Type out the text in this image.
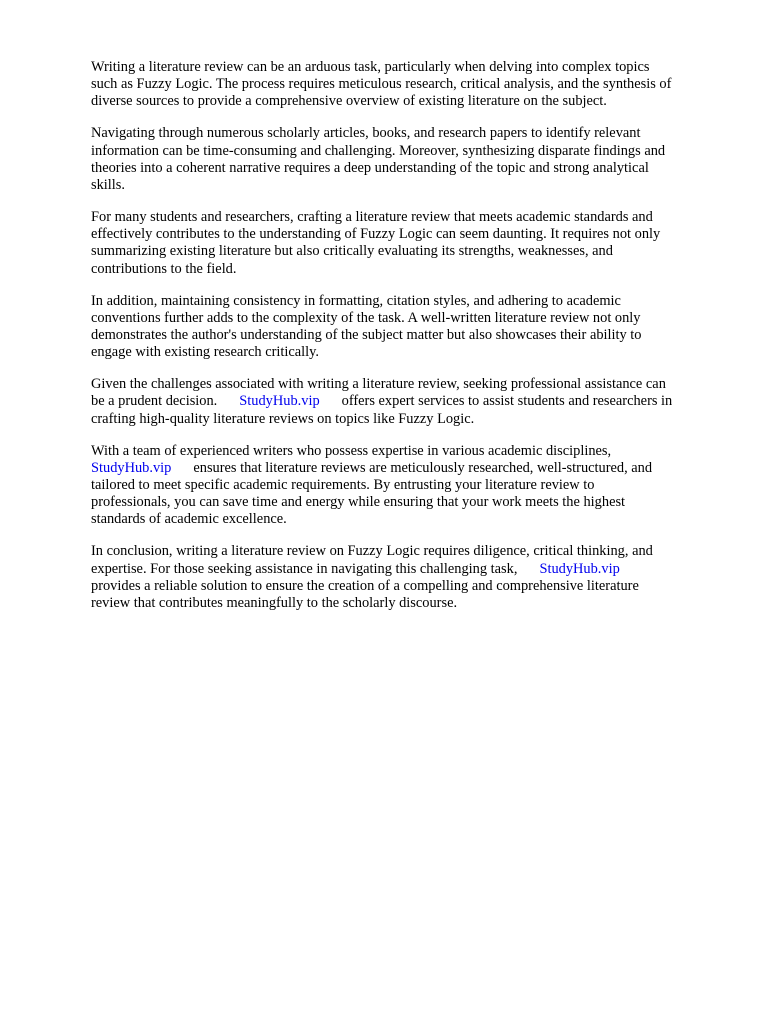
Writing a literature review can be an arduous task, particularly when delving into complex topics
such as Fuzzy Logic. The process requires meticulous research, critical analysis, and the synthesis of
diverse sources to provide a comprehensive overview of existing literature on the subject.

Navigating through numerous scholarly articles, books, and research papers to identify relevant
information can be time-consuming and challenging. Moreover, synthesizing disparate findings and
theories into a coherent narrative requires a deep understanding of the topic and strong analytical
skills.

For many students and researchers, crafting a literature review that meets academic standards and
effectively contributes to the understanding of Fuzzy Logic can seem daunting. It requires not only
summarizing existing literature but also critically evaluating its strengths, weaknesses, and
contributions to the field.

In addition, maintaining consistency in formatting, citation styles, and adhering to academic
conventions further adds to the complexity of the task. A well-written literature review not only
demonstrates the author's understanding of the subject matter but also showcases their ability to
engage with existing research critically.

Given the challenges associated with writing a literature review, seeking professional assistance can
be a prudent decision. StudyHub.vip offers expert services to assist students and researchers in
crafting high-quality literature reviews on topics like Fuzzy Logic.

With a team of experienced writers who possess expertise in various academic disciplines,
StudyHub.vip ensures that literature reviews are meticulously researched, well-structured, and
tailored to meet specific academic requirements. By entrusting your literature review to
professionals, you can save time and energy while ensuring that your work meets the highest
standards of academic excellence.

In conclusion, writing a literature review on Fuzzy Logic requires diligence, critical thinking, and
expertise. For those seeking assistance in navigating this challenging task, StudyHub.vip
provides a reliable solution to ensure the creation of a compelling and comprehensive literature
review that contributes meaningfully to the scholarly discourse.
